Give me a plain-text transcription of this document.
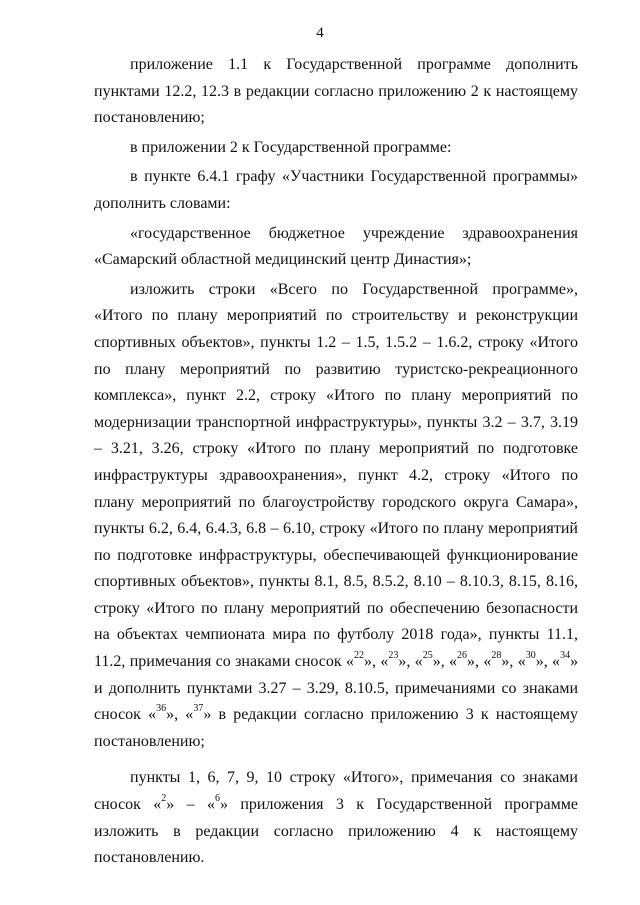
4

приложение 1.1 к Государственной программе дополнить пунктами 12.2, 12.3 в редакции согласно приложению 2 к настоящему постановлению;

в приложении 2 к Государственной программе:

в пункте 6.4.1 графу «Участники Государственной программы» дополнить словами:

«государственное бюджетное учреждение здравоохранения «Самарский областной медицинский центр Династия»;

изложить строки «Всего по Государственной программе», «Итого по плану мероприятий по строительству и реконструкции спортивных объектов», пункты 1.2 – 1.5, 1.5.2 – 1.6.2, строку «Итого по плану мероприятий по развитию туристско-рекреационного комплекса», пункт 2.2, строку «Итого по плану мероприятий по модернизации транспортной инфраструктуры», пункты 3.2 – 3.7, 3.19 – 3.21, 3.26, строку «Итого по плану мероприятий по подготовке инфраструктуры здравоохранения», пункт 4.2, строку «Итого по плану мероприятий по благоустройству городского округа Самара», пункты 6.2, 6.4, 6.4.3, 6.8 – 6.10, строку «Итого по плану мероприятий по подготовке инфраструктуры, обеспечивающей функционирование спортивных объектов», пункты 8.1, 8.5, 8.5.2, 8.10 – 8.10.3, 8.15, 8.16, строку «Итого по плану мероприятий по обеспечению безопасности на объектах чемпионата мира по футболу 2018 года», пункты 11.1, 11.2, примечания со знаками сносок «$^{22}$», «$^{23}$», «$^{25}$», «$^{26}$», «$^{28}$», «$^{30}$», «$^{34}$» и дополнить пунктами 3.27 – 3.29, 8.10.5, примечаниями со знаками сносок «$^{36}$», «$^{37}$» в редакции согласно приложению 3 к настоящему постановлению;

пункты 1, 6, 7, 9, 10 строку «Итого», примечания со знаками сносок «$^2$» – «$^6$» приложения 3 к Государственной программе изложить в редакции согласно приложению 4 к настоящему постановлению.
